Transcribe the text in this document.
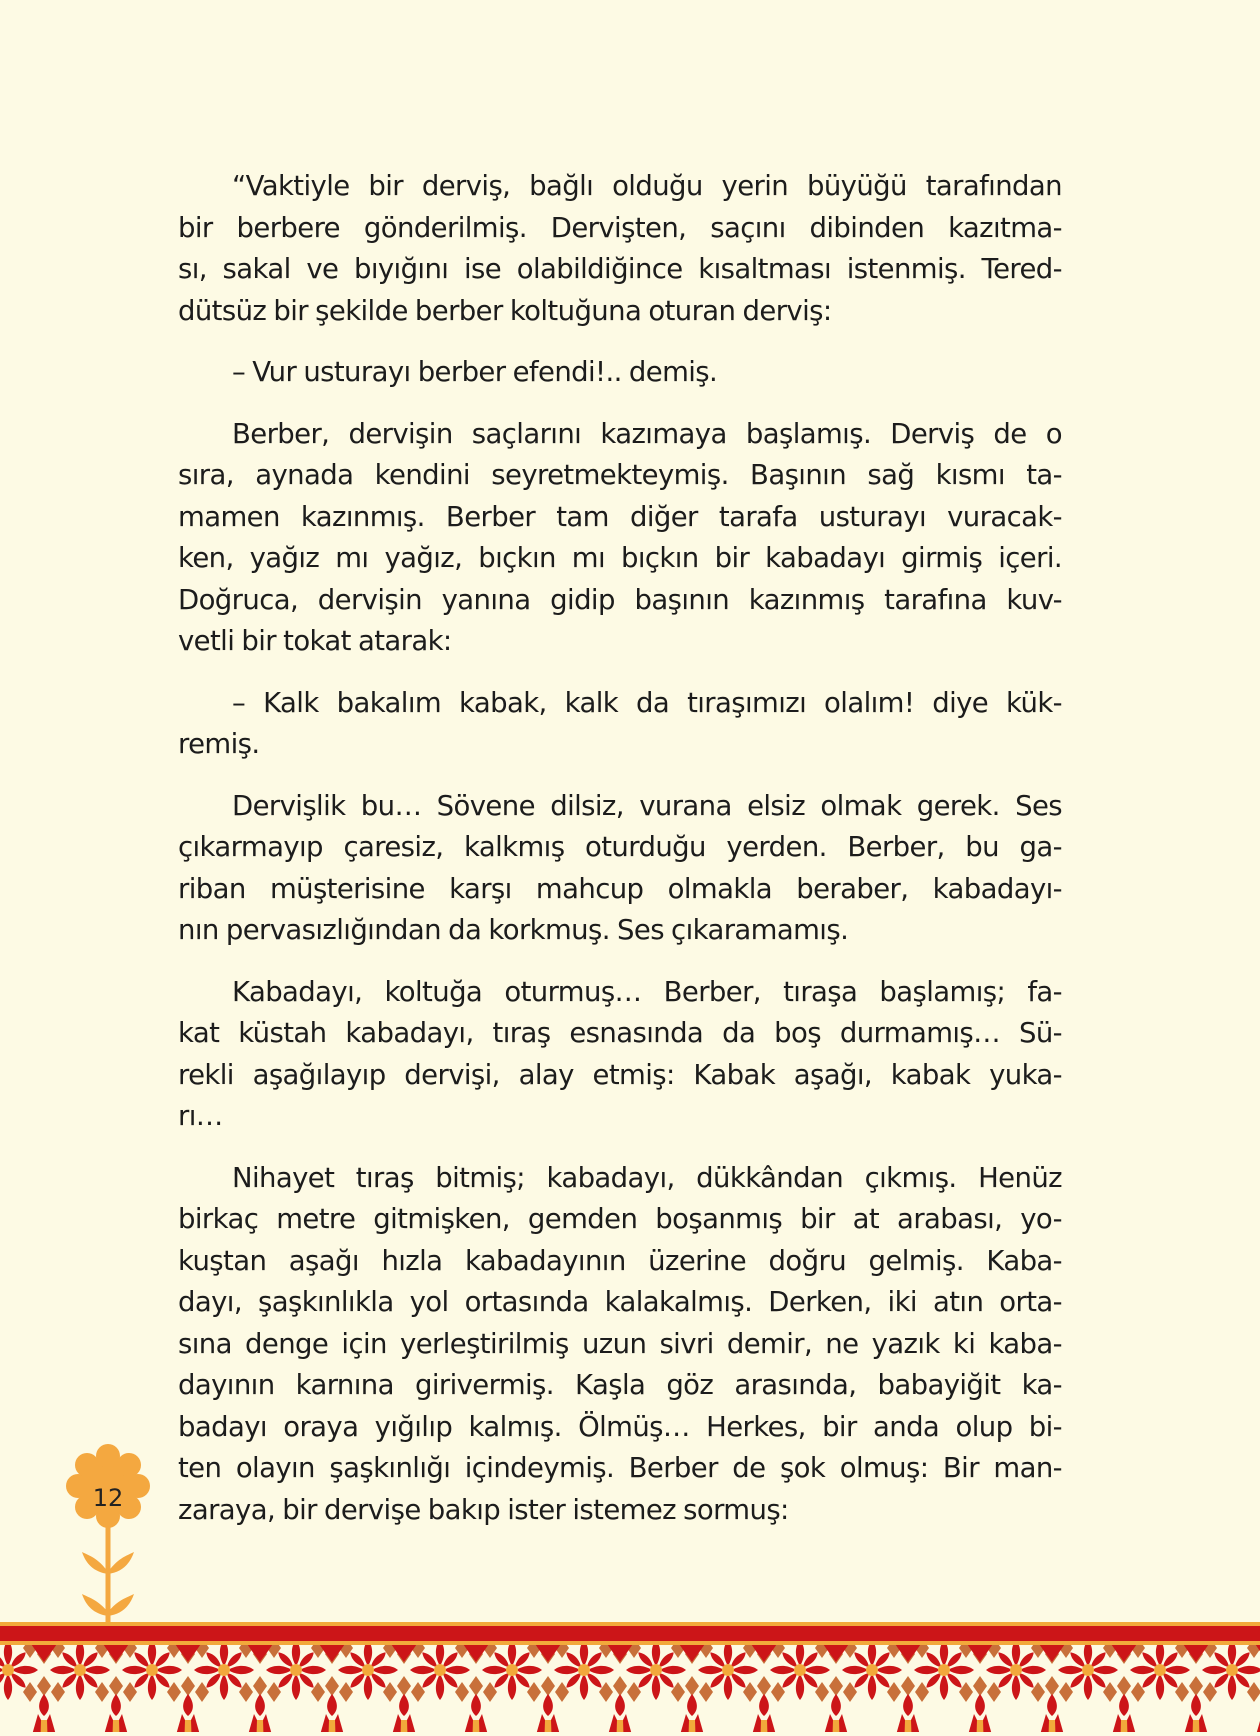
“Vaktiyle bir derviş, bağlı olduğu yerin büyüğü tarafından
bir berbere gönderilmiş. Dervişten, saçını dibinden kazıtma-
sı, sakal ve bıyığını ise olabildiğince kısaltması istenmiş. Tered-
dütsüz bir şekilde berber koltuğuna oturan derviş:

– Vur usturayı berber efendi!.. demiş.

Berber, dervişin saçlarını kazımaya başlamış. Derviş de o
sıra, aynada kendini seyretmekteymiş. Başının sağ kısmı ta-
mamen kazınmış. Berber tam diğer tarafa usturayı vuracak-
ken, yağız mı yağız, bıçkın mı bıçkın bir kabadayı girmiş içeri.
Doğruca, dervişin yanına gidip başının kazınmış tarafına kuv-
vetli bir tokat atarak:

– Kalk bakalım kabak, kalk da tıraşımızı olalım! diye kük-
remiş.

Dervişlik bu… Sövene dilsiz, vurana elsiz olmak gerek. Ses
çıkarmayıp çaresiz, kalkmış oturduğu yerden. Berber, bu ga-
riban müşterisine karşı mahcup olmakla beraber, kabadayı-
nın pervasızlığından da korkmuş. Ses çıkaramamış.

Kabadayı, koltuğa oturmuş… Berber, tıraşa başlamış; fa-
kat küstah kabadayı, tıraş esnasında da boş durmamış… Sü-
rekli aşağılayıp dervişi, alay etmiş: Kabak aşağı, kabak yuka-
rı…

Nihayet tıraş bitmiş; kabadayı, dükkândan çıkmış. Henüz
birkaç metre gitmişken, gemden boşanmış bir at arabası, yo-
kuştan aşağı hızla kabadayının üzerine doğru gelmiş. Kaba-
dayı, şaşkınlıkla yol ortasında kalakalmış. Derken, iki atın orta-
sına denge için yerleştirilmiş uzun sivri demir, ne yazık ki kaba-
dayının karnına girivermiş. Kaşla göz arasında, babayiğit ka-
badayı oraya yığılıp kalmış. Ölmüş… Herkes, bir anda olup bi-
ten olayın şaşkınlığı içindeymiş. Berber de şok olmuş: Bir man-
zaraya, bir dervişe bakıp ister istemez sormuş:

12
